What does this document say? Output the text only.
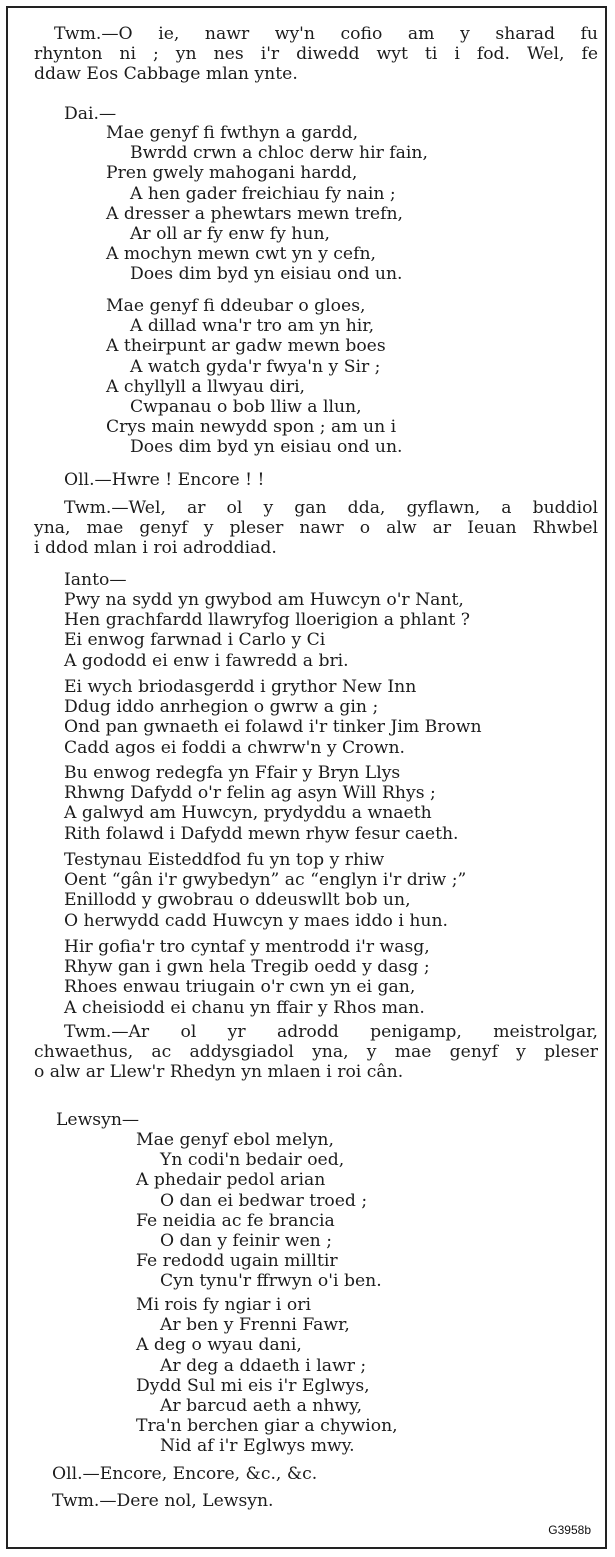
Twm.—O ie, nawr wy'n cofio am y sharad fu
rhynton ni ; yn nes i'r diwedd wyt ti i fod. Wel, fe
ddaw Eos Cabbage mlan ynte.
Dai.—
Mae genyf fi fwthyn a gardd,
Bwrdd crwn a chloc derw hir fain,
Pren gwely mahogani hardd,
A hen gader freichiau fy nain ;
A dresser a phewtars mewn trefn,
Ar oll ar fy enw fy hun,
A mochyn mewn cwt yn y cefn,
Does dim byd yn eisiau ond un.
Mae genyf fi ddeubar o gloes,
A dillad wna'r tro am yn hir,
A theirpunt ar gadw mewn boes
A watch gyda'r fwya'n y Sir ;
A chyllyll a llwyau diri,
Cwpanau o bob lliw a llun,
Crys main newydd spon ; am un i
Does dim byd yn eisiau ond un.
Oll.—Hwre ! Encore ! !
Twm.—Wel, ar ol y gan dda, gyflawn, a buddiol
yna, mae genyf y pleser nawr o alw ar Ieuan Rhwbel
i ddod mlan i roi adroddiad.
Ianto—
Pwy na sydd yn gwybod am Huwcyn o'r Nant,
Hen grachfardd llawryfog lloerigion a phlant ?
Ei enwog farwnad i Carlo y Ci
A gododd ei enw i fawredd a bri.
Ei wych briodasgerdd i grythor New Inn
Ddug iddo anrhegion o gwrw a gin ;
Ond pan gwnaeth ei folawd i'r tinker Jim Brown
Cadd agos ei foddi a chwrw'n y Crown.
Bu enwog redegfa yn Ffair y Bryn Llys
Rhwng Dafydd o'r felin ag asyn Will Rhys ;
A galwyd am Huwcyn, prydyddu a wnaeth
Rith folawd i Dafydd mewn rhyw fesur caeth.
Testynau Eisteddfod fu yn top y rhiw
Oent “gân i'r gwybedyn” ac “englyn i'r driw ;”
Enillodd y gwobrau o ddeuswllt bob un,
O herwydd cadd Huwcyn y maes iddo i hun.
Hir gofia'r tro cyntaf y mentrodd i'r wasg,
Rhyw gan i gwn hela Tregib oedd y dasg ;
Rhoes enwau triugain o'r cwn yn ei gan,
A cheisiodd ei chanu yn ffair y Rhos man.
Twm.—Ar ol yr adrodd penigamp, meistrolgar,
chwaethus, ac addysgiadol yna, y mae genyf y pleser
o alw ar Llew'r Rhedyn yn mlaen i roi cân.
Lewsyn—
Mae genyf ebol melyn,
Yn codi'n bedair oed,
A phedair pedol arian
O dan ei bedwar troed ;
Fe neidia ac fe brancia
O dan y feinir wen ;
Fe redodd ugain milltir
Cyn tynu'r ffrwyn o'i ben.
Mi rois fy ngiar i ori
Ar ben y Frenni Fawr,
A deg o wyau dani,
Ar deg a ddaeth i lawr ;
Dydd Sul mi eis i'r Eglwys,
Ar barcud aeth a nhwy,
Tra'n berchen giar a chywion,
Nid af i'r Eglwys mwy.
Oll.—Encore, Encore, &c., &c.
Twm.—Dere nol, Lewsyn.
G3958b
